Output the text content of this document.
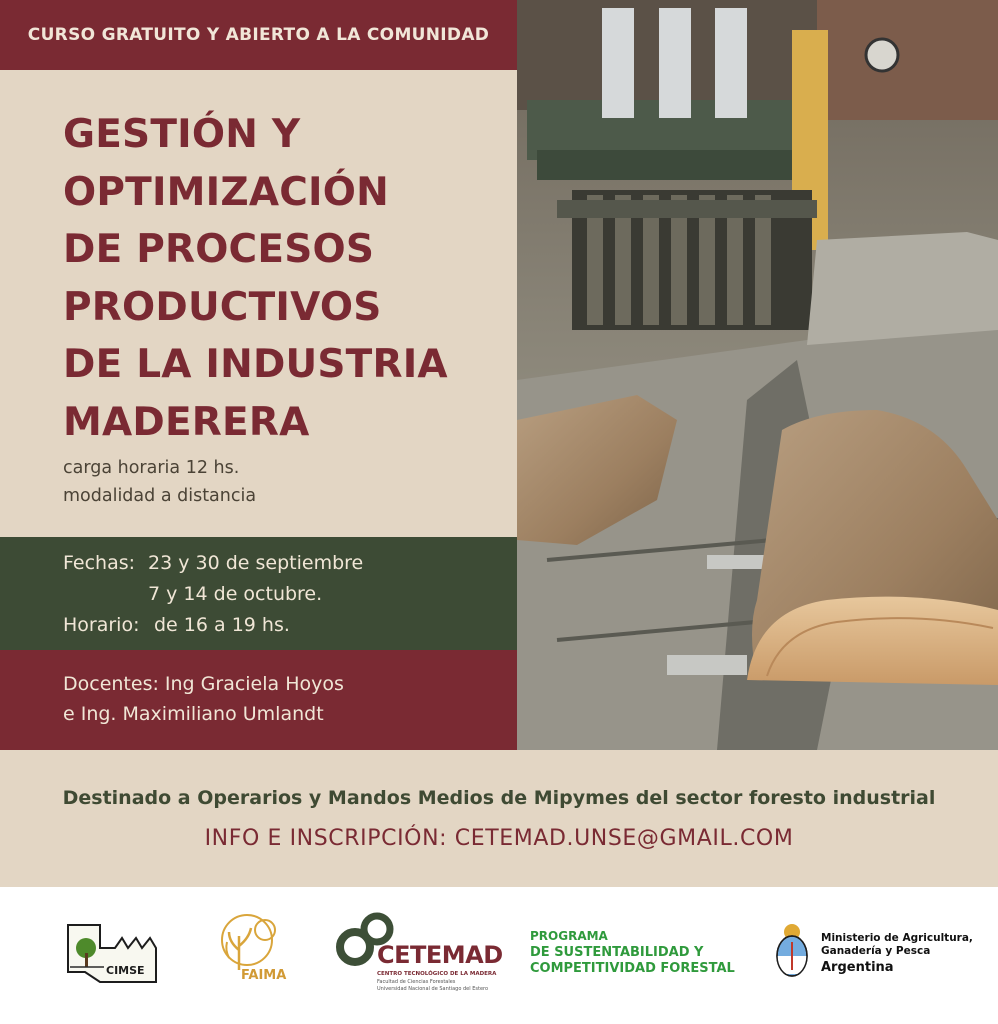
CURSO GRATUITO Y ABIERTO A LA COMUNIDAD
GESTIÓN Y
OPTIMIZACIÓN
DE PROCESOS
PRODUCTIVOS
DE LA INDUSTRIA
MADERERA
carga horaria 12 hs.
modalidad a distancia
Fechas: 23 y 30 de septiembre
7 y 14 de octubre.
Horario: de 16 a 19 hs.
Docentes: Ing Graciela Hoyos
e Ing. Maximiliano Umlandt
Destinado a Operarios y Mandos Medios de Mipymes del sector foresto industrial
INFO E INSCRIPCIÓN: CETEMAD.UNSE@GMAIL.COM
CIMSE	FAIMA
CETEMAD
CENTRO TECNOLÓGICO DE LA MADERA
Facultad de Ciencias Forestales
Universidad Nacional de Santiago del Estero
PROGRAMA
DE SUSTENTABILIDAD Y
COMPETITIVIDAD FORESTAL
Ministerio de Agricultura,
Ganadería y Pesca
Argentina
